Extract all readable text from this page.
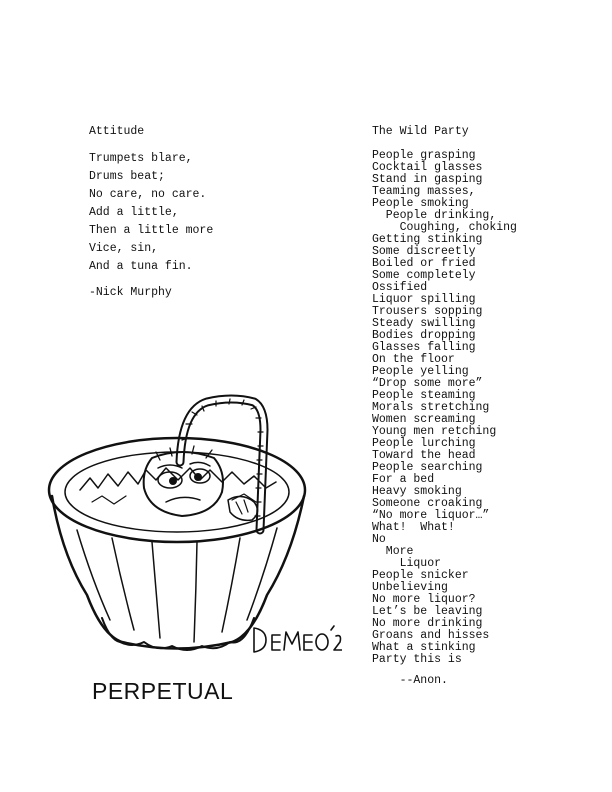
Attitude
Trumpets blare,
Drums beat;
No care, no care.
Add a little,
Then a little more
Vice, sin,
And a tuna fin.
-Nick Murphy
The Wild Party
People grasping
Cocktail glasses
Stand in gasping
Teaming masses,
People smoking
People drinking,
Coughing, choking
Getting stinking
Some discreetly
Boiled or fried
Some completely
Ossified
Liquor spilling
Trousers sopping
Steady swilling
Bodies dropping
Glasses falling
On the floor
People yelling
“Drop some more”
People steaming
Morals stretching
Women screaming
Young men retching
People lurching
Toward the head
People searching
For a bed
Heavy smoking
Someone croaking
“No more liquor…”
What!  What!
No
More
Liquor
People snicker
Unbelieving
No more liquor?
Let’s be leaving
No more drinking
Groans and hisses
What a stinking
Party this is
--Anon.
PERPETUAL
